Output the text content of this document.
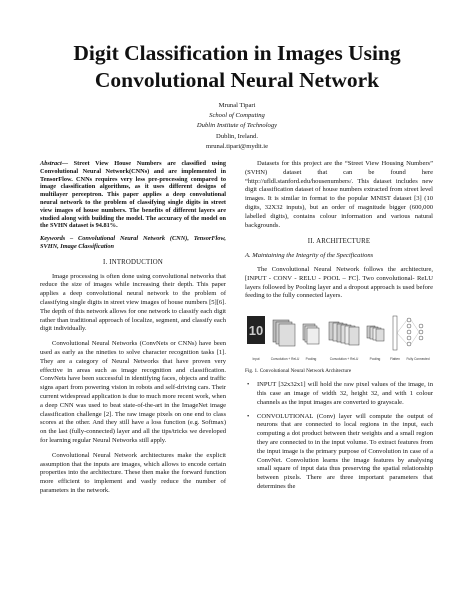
Digit Classification in Images Using Convolutional Neural Network
Mrunal Tipari
School of Computing
Dublin Institute of Technology
Dublin, Ireland.
mrunal.tipari@mydit.ie

Abstract— Street View House Numbers are classified using Convolutional Neural Network(CNNs) and are implemented in TensorFlow. CNNs requires very less pre-processing compared to image classification algorithms, as it uses different designs of multilayer pereeptron. This paper applies a deep convolutional neural network to the problem of classifying single digits in street view images of house numbers. The benefits of different layers are studied along with building the model. The accuracy of the model on the SVHN dataset is 94.81%.

Keywords – Convolutional Neural Network (CNN), TensorFlow, SVHN, Image Classification

I. INTRODUCTION

Image processing is often done using convolutional networks that reduce the size of images while increasing their depth. This paper applies a deep convolutional neural network to the problem of classifying single digits in street view images of house numbers [5][6]. The depth of this network allows for one network to classify each digit rather than traditional approach of localize, segment, and classify each digit individually.

Convolutional Neural Networks (ConvNets or CNNs) have been used as early as the nineties to solve character recognition tasks [1]. They are a category of Neural Networks that have proven very effective in areas such as image recognition and classification. ConvNets have been successful in identifying faces, objects and traffic signs apart from powering vision in robots and self-driving cars. Their current widespread application is due to much more recent work, when a deep CNN was used to beat state-of-the-art in the ImageNet image classification challenge [2]. The raw image pixels on one end to class scores at the other. And they still have a loss function (e.g. Softmax) on the last (fully-connected) layer and all the tips/tricks we developed for learning regular Neural Networks still apply.

Convolutional Neural Network architectures make the explicit assumption that the inputs are images, which allows to encode certain properties into the architecture. These then make the forward function more efficient to implement and vastly reduce the number of parameters in the network.

Datasets for this project are the “Street View Housing Numbers” (SVHN) dataset that can be found here “http://ufldl.stanford.edu/housenumbers/. This dataset includes new digit classification dataset of house numbers extracted from street level images. It is similar in format to the popular MNIST dataset [3] (10 digits, 32X32 inputs), but an order of magnitude bigger (600,000 labelled digits), contains colour information and various natural backgrounds.

II. ARCHITECTURE
A. Maintaining the Integrity of the Specifications

The Convolutional Neural Network follows the architecture, [INPUT - CONV - RELU - POOL – FC]. Two convolutional- ReLU layers followed by Pooling layer and a dropout approach is used before feeding to the fully connected layers.

10
Input	Convolution + ReLU Pooling	Convolution + ReLU	Pooling	Flatten Fully Connected
Fig. 1. Convolutional Neural Network Architecture
• INPUT [32x32x1] will hold the raw pixel values of the image, in this case an image of width 32, height 32, and with 1 colour channels as the input images are converted to grayscale.
• CONVOLUTIONAL (Conv) layer will compute the output of neurons that are connected to local regions in the input, each computing a dot product between their weights and a small region they are connected to in the input volume. To extract features from the input image is the primary purpose of Convolution in case of a ConvNet. Convolution learns the image features by analysing small square of input data thus preserving the spatial relationship between pixels. There are three important parameters that determines the
